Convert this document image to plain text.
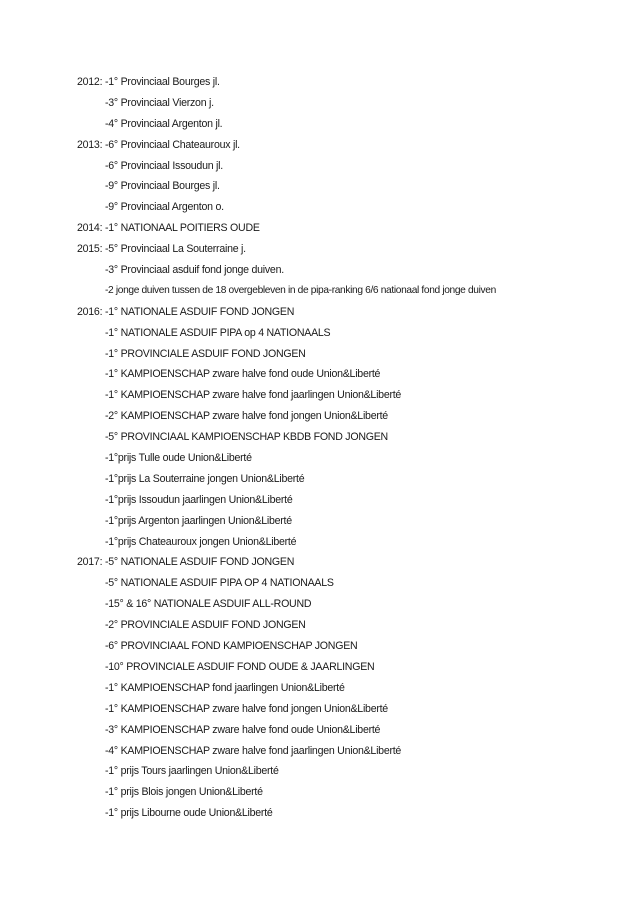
2012: -1° Provinciaal Bourges jl.
-3° Provinciaal Vierzon j.
-4° Provinciaal Argenton jl.
2013: -6° Provinciaal Chateauroux jl.
-6° Provinciaal Issoudun jl.
-9° Provinciaal Bourges jl.
-9° Provinciaal Argenton o.
2014: -1° NATIONAAL POITIERS OUDE
2015: -5° Provinciaal La Souterraine j.
-3° Provinciaal asduif fond jonge duiven.
-2 jonge duiven tussen de 18 overgebleven in de pipa-ranking 6/6 nationaal fond jonge duiven
2016: -1° NATIONALE ASDUIF FOND JONGEN
-1° NATIONALE ASDUIF PIPA op 4 NATIONAALS
-1° PROVINCIALE ASDUIF FOND JONGEN
-1° KAMPIOENSCHAP zware halve fond oude Union&Liberté
-1° KAMPIOENSCHAP zware halve fond jaarlingen Union&Liberté
-2° KAMPIOENSCHAP zware halve fond jongen Union&Liberté
-5° PROVINCIAAL KAMPIOENSCHAP KBDB FOND JONGEN
-1°prijs Tulle oude Union&Liberté
-1°prijs La Souterraine jongen Union&Liberté
-1°prijs Issoudun jaarlingen Union&Liberté
-1°prijs Argenton jaarlingen Union&Liberté
-1°prijs Chateauroux jongen Union&Liberté
2017: -5° NATIONALE ASDUIF FOND JONGEN
-5° NATIONALE ASDUIF PIPA OP 4 NATIONAALS
-15° & 16° NATIONALE ASDUIF ALL-ROUND
-2° PROVINCIALE ASDUIF FOND JONGEN
-6° PROVINCIAAL FOND KAMPIOENSCHAP JONGEN
-10° PROVINCIALE ASDUIF FOND OUDE & JAARLINGEN
-1° KAMPIOENSCHAP fond jaarlingen Union&Liberté
-1° KAMPIOENSCHAP zware halve fond jongen Union&Liberté
-3° KAMPIOENSCHAP zware halve fond oude Union&Liberté
-4° KAMPIOENSCHAP zware halve fond jaarlingen Union&Liberté
-1° prijs Tours jaarlingen Union&Liberté
-1° prijs Blois jongen Union&Liberté
-1° prijs Libourne oude Union&Liberté
